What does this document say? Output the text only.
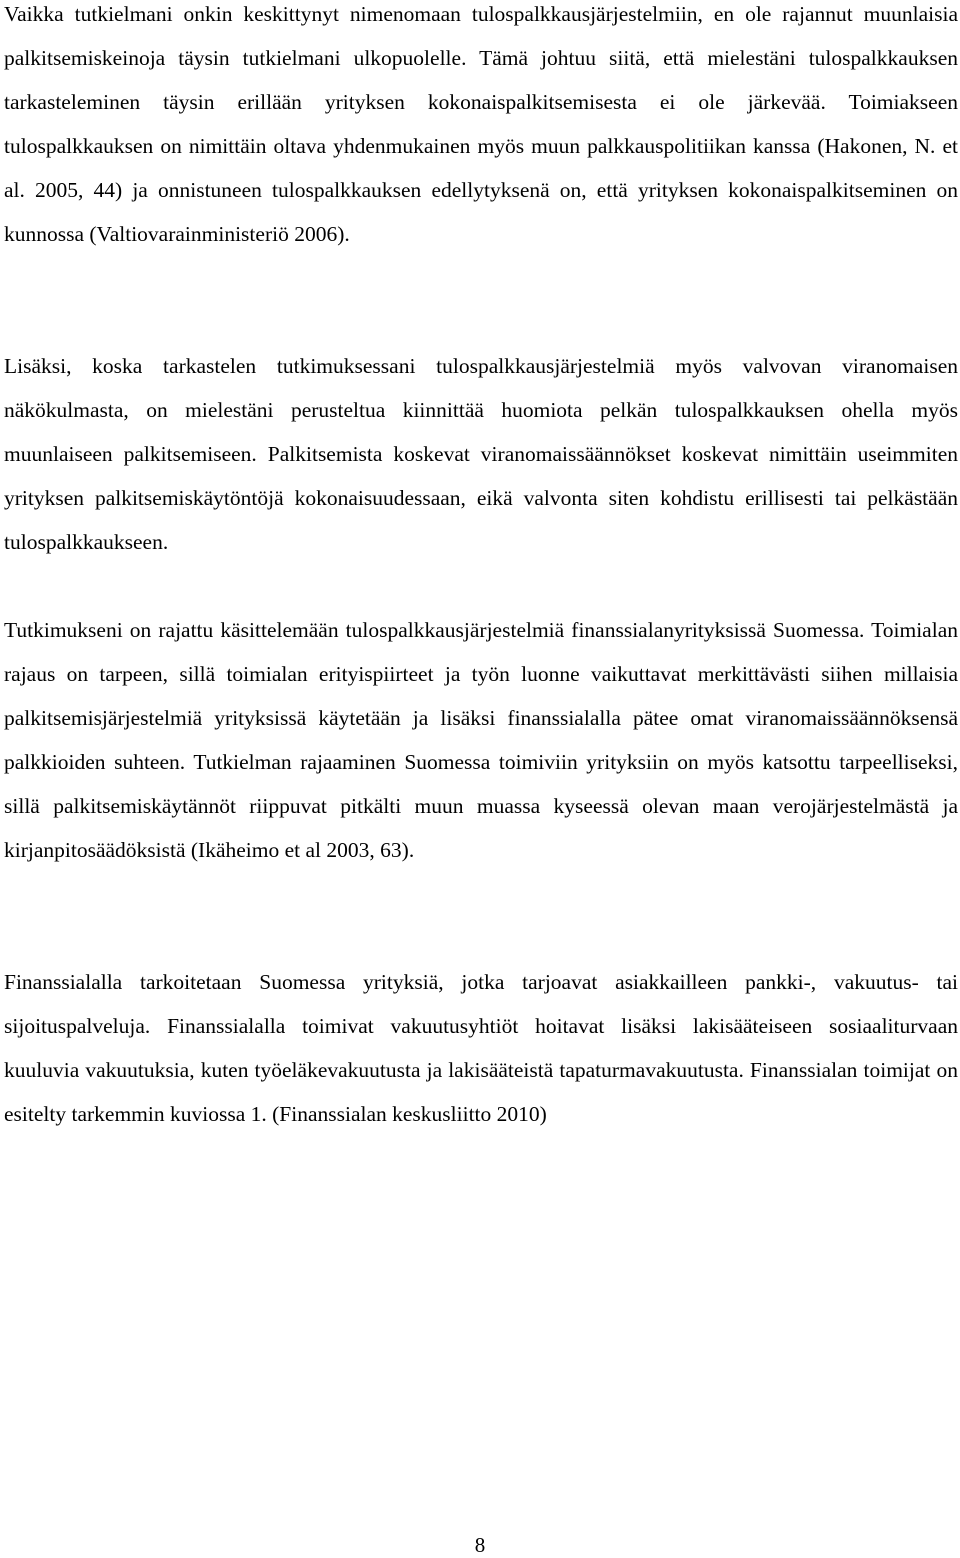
Vaikka tutkielmani onkin keskittynyt nimenomaan tulospalkkausjärjestelmiin, en ole rajannut muunlaisia palkitsemiskeinoja täysin tutkielmani ulkopuolelle. Tämä johtuu siitä, että mielestäni tulospalkkauksen tarkasteleminen täysin erillään yrityksen kokonaispalkitsemisesta ei ole järkevää. Toimiakseen tulospalkkauksen on nimittäin oltava yhdenmukainen myös muun palkkauspolitiikan kanssa (Hakonen, N. et al. 2005, 44) ja onnistuneen tulospalkkauksen edellytyksenä on, että yrityksen kokonaispalkitseminen on kunnossa (Valtiovarainministeriö 2006).

Lisäksi, koska tarkastelen tutkimuksessani tulospalkkausjärjestelmiä myös valvovan viranomaisen näkökulmasta, on mielestäni perusteltua kiinnittää huomiota pelkän tulospalkkauksen ohella myös muunlaiseen palkitsemiseen. Palkitsemista koskevat viranomaissäännökset koskevat nimittäin useimmiten yrityksen palkitsemiskäytöntöjä kokonaisuudessaan, eikä valvonta siten kohdistu erillisesti tai pelkästään tulospalkkaukseen.

Tutkimukseni on rajattu käsittelemään tulospalkkausjärjestelmiä finanssialanyrityksissä Suomessa. Toimialan rajaus on tarpeen, sillä toimialan erityispiirteet ja työn luonne vaikuttavat merkittävästi siihen millaisia palkitsemisjärjestelmiä yrityksissä käytetään ja lisäksi finanssialalla pätee omat viranomaissäännöksensä palkkioiden suhteen. Tutkielman rajaaminen Suomessa toimiviin yrityksiin on myös katsottu tarpeelliseksi, sillä palkitsemiskäytännöt riippuvat pitkälti muun muassa kyseessä olevan maan verojärjestelmästä ja kirjanpitosäädöksistä (Ikäheimo et al 2003, 63).

Finanssialalla tarkoitetaan Suomessa yrityksiä, jotka tarjoavat asiakkailleen pankki-, vakuutus- tai sijoituspalveluja. Finanssialalla toimivat vakuutusyhtiöt hoitavat lisäksi lakisääteiseen sosiaaliturvaan kuuluvia vakuutuksia, kuten työeläkevakuutusta ja lakisääteistä tapaturmavakuutusta. Finanssialan toimijat on esitelty tarkemmin kuviossa 1. (Finanssialan keskusliitto 2010)

8
